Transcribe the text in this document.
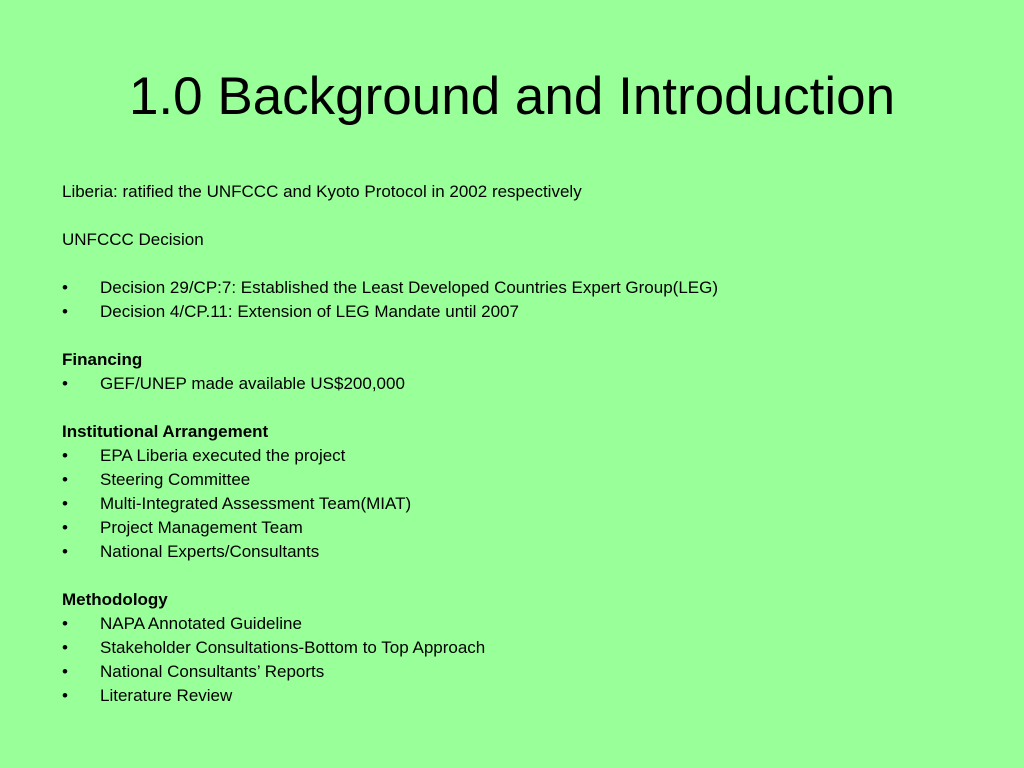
1.0 Background and Introduction
Liberia: ratified the UNFCCC and Kyoto Protocol in 2002 respectively
UNFCCC Decision
•	Decision 29/CP:7: Established the Least Developed Countries Expert Group(LEG)
•	Decision 4/CP.11: Extension of LEG Mandate until 2007
Financing
•	GEF/UNEP made available US$200,000
Institutional Arrangement
•	EPA Liberia executed the project
•	Steering Committee
•	Multi-Integrated Assessment Team(MIAT)
•	Project Management Team
•	National Experts/Consultants
Methodology
•	NAPA Annotated Guideline
•	Stakeholder Consultations-Bottom to Top Approach
•	National Consultants’ Reports
•	Literature Review
